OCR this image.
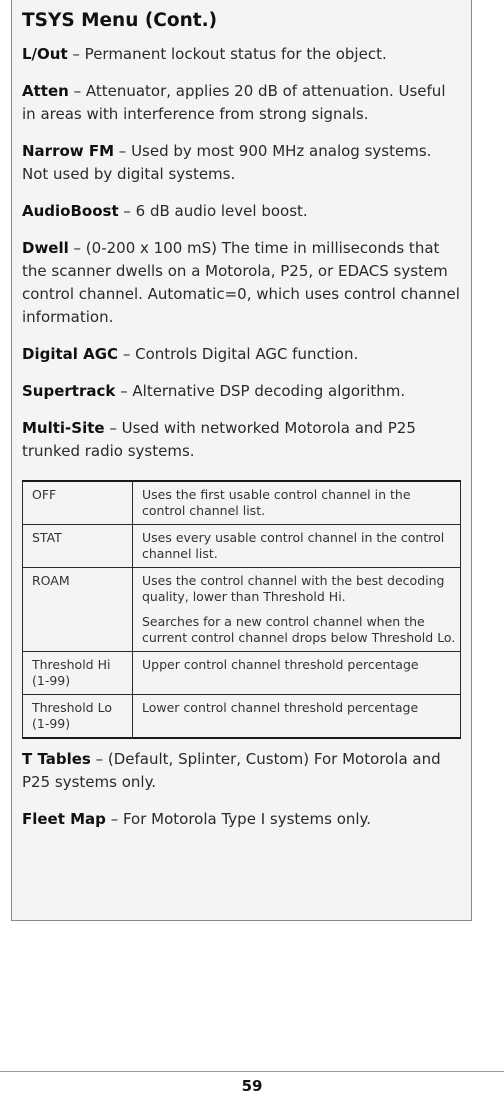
TSYS Menu (Cont.)

L/Out – Permanent lockout status for the object.

Atten – Attenuator, applies 20 dB of attenuation. Useful in areas with interference from strong signals.

Narrow FM – Used by most 900 MHz analog systems. Not used by digital systems.

AudioBoost – 6 dB audio level boost.

Dwell – (0-200 x 100 mS) The time in milliseconds that the scanner dwells on a Motorola, P25, or EDACS system control channel. Automatic=0, which uses control channel information.

Digital AGC – Controls Digital AGC function.

Supertrack – Alternative DSP decoding algorithm.

Multi-Site – Used with networked Motorola and P25 trunked radio systems.

OFF	Uses the first usable control channel in the control channel list.
STAT	Uses every usable control channel in the control channel list.
ROAM	Uses the control channel with the best decoding quality, lower than Threshold Hi.
Searches for a new control channel when the current control channel drops below Threshold Lo.

Threshold Hi (1-99)	Upper control channel threshold percentage
Threshold Lo (1-99)	Lower control channel threshold percentage

T Tables – (Default, Splinter, Custom) For Motorola and P25 systems only.

Fleet Map – For Motorola Type I systems only.

59
